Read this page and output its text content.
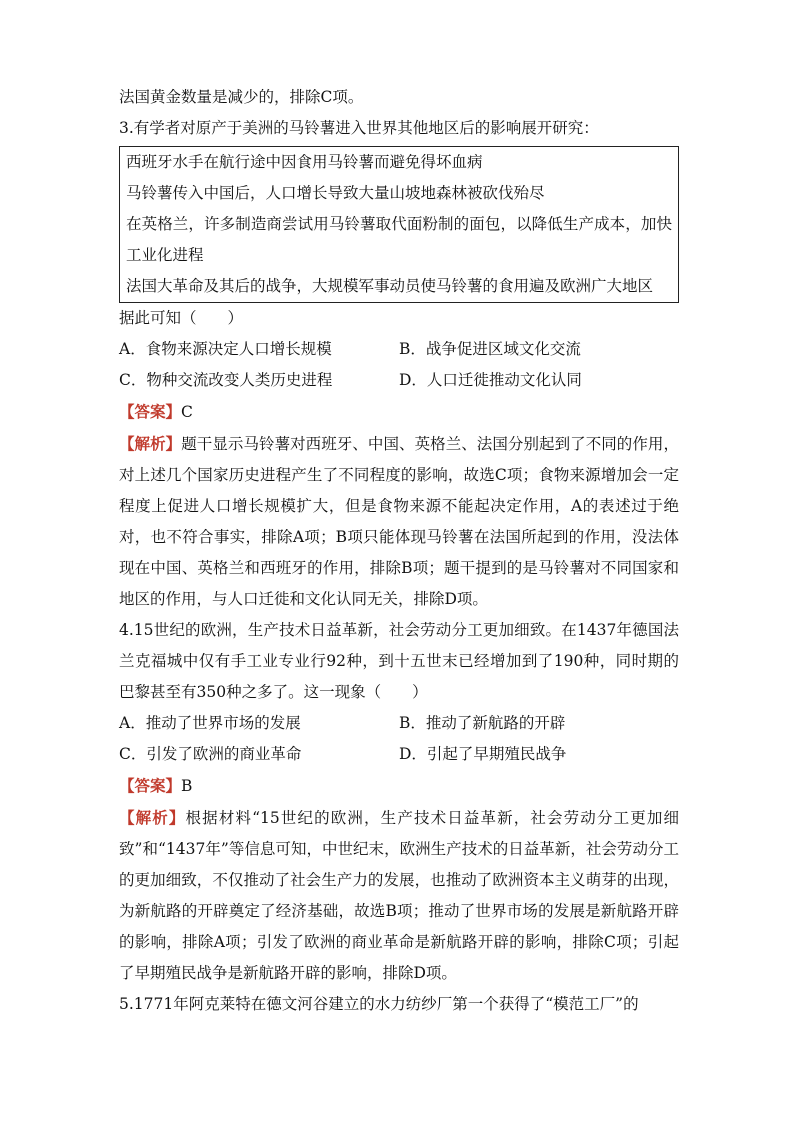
法国黄金数量是减少的，排除C项。
3.有学者对原产于美洲的马铃薯进入世界其他地区后的影响展开研究：
西班牙水手在航行途中因食用马铃薯而避免得坏血病
马铃薯传入中国后，人口增长导致大量山坡地森林被砍伐殆尽
在英格兰，许多制造商尝试用马铃薯取代面粉制的面包，以降低生产成本，加快工业化进程
法国大革命及其后的战争，大规模军事动员使马铃薯的食用遍及欧洲广大地区
据此可知（　　）
A．食物来源决定人口增长规模	B．战争促进区域文化交流
C．物种交流改变人类历史进程	D．人口迁徙推动文化认同
【答案】C
【解析】题干显示马铃薯对西班牙、中国、英格兰、法国分别起到了不同的作用，对上述几个国家历史进程产生了不同程度的影响，故选C项；食物来源增加会一定程度上促进人口增长规模扩大，但是食物来源不能起决定作用，A的表述过于绝对，也不符合事实，排除A项；B项只能体现马铃薯在法国所起到的作用，没法体现在中国、英格兰和西班牙的作用，排除B项；题干提到的是马铃薯对不同国家和地区的作用，与人口迁徙和文化认同无关，排除D项。
4.15世纪的欧洲，生产技术日益革新，社会劳动分工更加细致。在1437年德国法兰克福城中仅有手工业专业行92种，到十五世末已经增加到了190种，同时期的巴黎甚至有350种之多了。这一现象（　　）
A．推动了世界市场的发展	B．推动了新航路的开辟
C．引发了欧洲的商业革命	D．引起了早期殖民战争
【答案】B
【解析】根据材料“15世纪的欧洲，生产技术日益革新，社会劳动分工更加细致”和“1437年”等信息可知，中世纪末，欧洲生产技术的日益革新，社会劳动分工的更加细致，不仅推动了社会生产力的发展，也推动了欧洲资本主义萌芽的出现，为新航路的开辟奠定了经济基础，故选B项；推动了世界市场的发展是新航路开辟的影响，排除A项；引发了欧洲的商业革命是新航路开辟的影响，排除C项；引起了早期殖民战争是新航路开辟的影响，排除D项。
5.1771年阿克莱特在德文河谷建立的水力纺纱厂第一个获得了“模范工厂”的
